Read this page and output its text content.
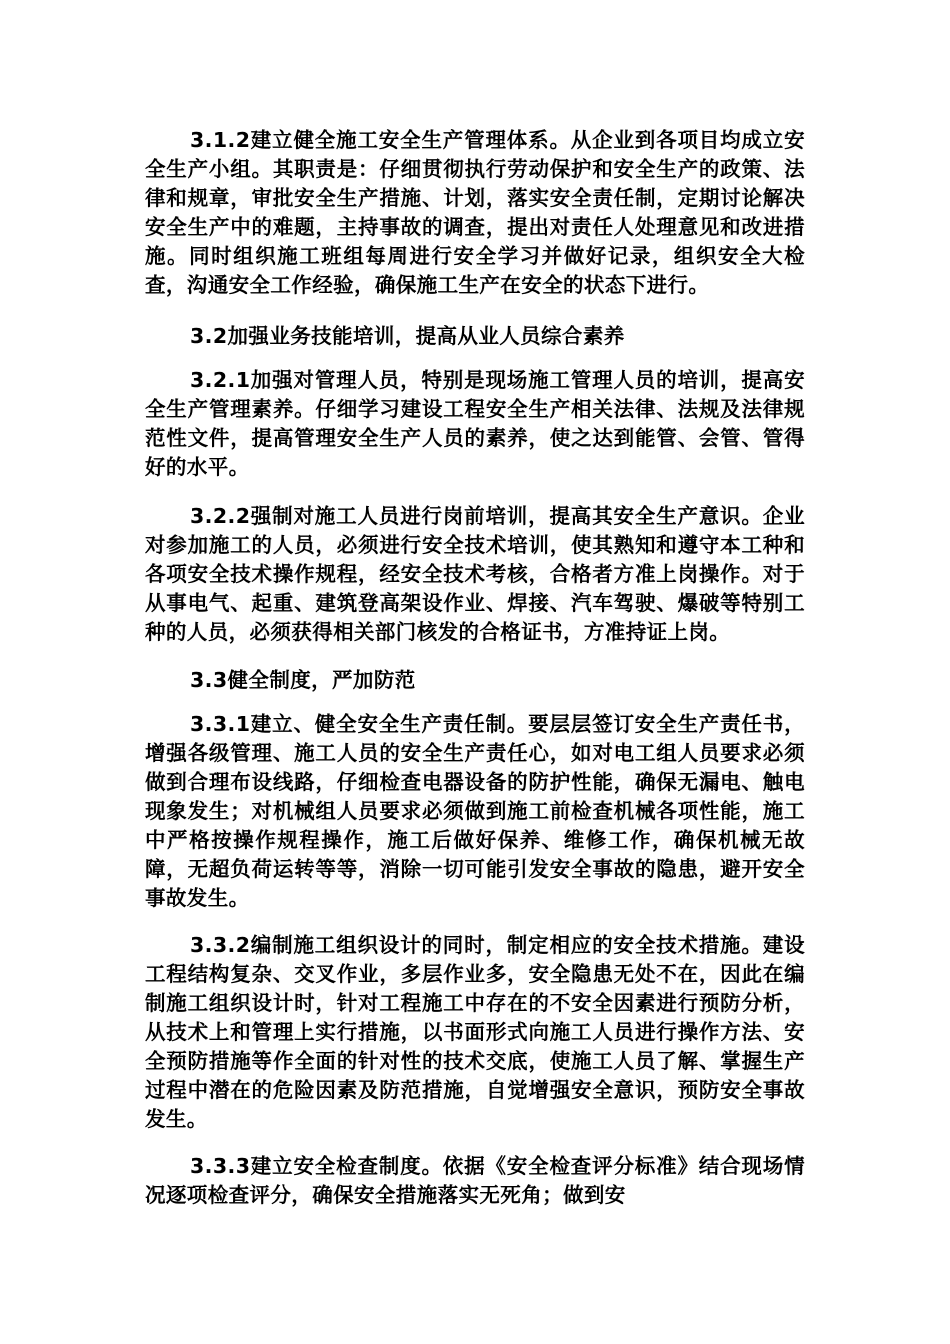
3.1.2建立健全施工安全生产管理体系。从企业到各项目均成立安全生产小组。其职责是：仔细贯彻执行劳动保护和安全生产的政策、法律和规章，审批安全生产措施、计划，落实安全责任制，定期讨论解决安全生产中的难题，主持事故的调查，提出对责任人处理意见和改进措施。同时组织施工班组每周进行安全学习并做好记录，组织安全大检查，沟通安全工作经验，确保施工生产在安全的状态下进行。

3.2加强业务技能培训，提高从业人员综合素养

3.2.1加强对管理人员，特别是现场施工管理人员的培训，提高安全生产管理素养。仔细学习建设工程安全生产相关法律、法规及法律规范性文件，提高管理安全生产人员的素养，使之达到能管、会管、管得好的水平。

3.2.2强制对施工人员进行岗前培训，提高其安全生产意识。企业对参加施工的人员，必须进行安全技术培训，使其熟知和遵守本工种和各项安全技术操作规程，经安全技术考核，合格者方准上岗操作。对于从事电气、起重、建筑登高架设作业、焊接、汽车驾驶、爆破等特别工种的人员，必须获得相关部门核发的合格证书，方准持证上岗。

3.3健全制度，严加防范

3.3.1建立、健全安全生产责任制。要层层签订安全生产责任书，增强各级管理、施工人员的安全生产责任心，如对电工组人员要求必须做到合理布设线路，仔细检查电器设备的防护性能，确保无漏电、触电现象发生；对机械组人员要求必须做到施工前检查机械各项性能，施工中严格按操作规程操作，施工后做好保养、维修工作，确保机械无故障，无超负荷运转等等，消除一切可能引发安全事故的隐患，避开安全事故发生。

3.3.2编制施工组织设计的同时，制定相应的安全技术措施。建设工程结构复杂、交叉作业，多层作业多，安全隐患无处不在，因此在编制施工组织设计时，针对工程施工中存在的不安全因素进行预防分析，从技术上和管理上实行措施，以书面形式向施工人员进行操作方法、安全预防措施等作全面的针对性的技术交底，使施工人员了解、掌握生产过程中潜在的危险因素及防范措施，自觉增强安全意识，预防安全事故发生。

3.3.3建立安全检查制度。依据《安全检查评分标准》结合现场情况逐项检查评分，确保安全措施落实无死角；做到安
